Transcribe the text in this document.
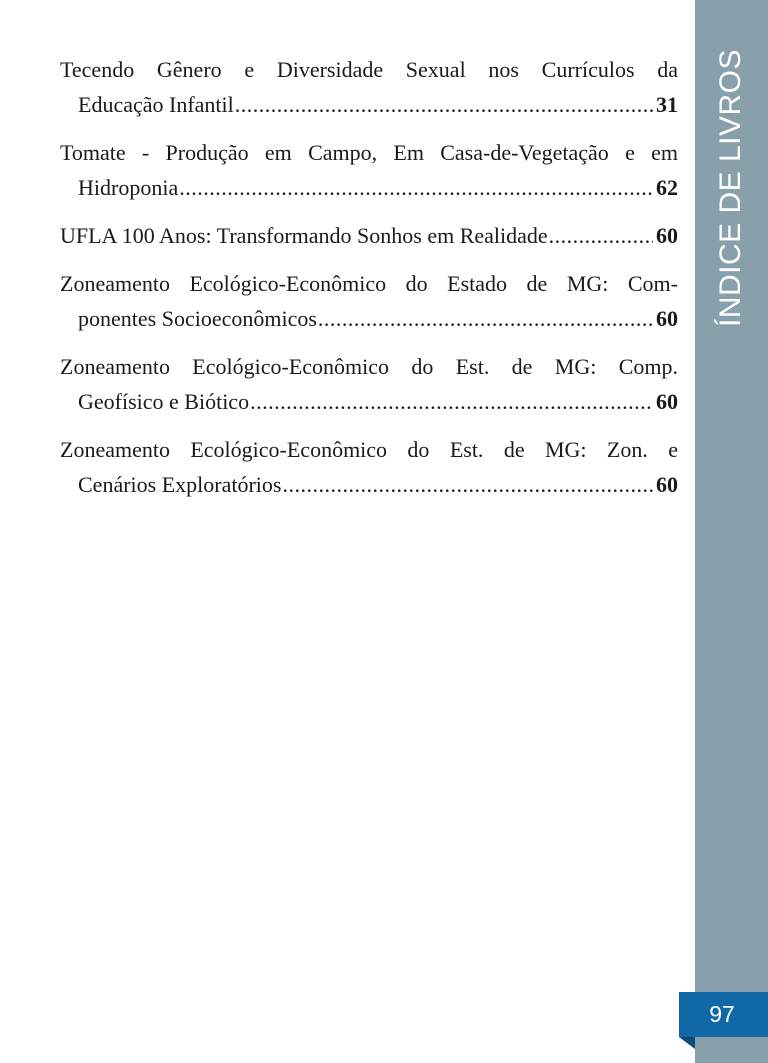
ÍNDICE DE LIVROS
Tecendo Gênero e Diversidade Sexual nos Currículos da
Educação Infantil .....	31
Tomate - Produção em Campo, Em Casa-de-Vegetação e em
Hidroponia .....	62
UFLA 100 Anos: Transformando Sonhos em Realidade .....	60
Zoneamento Ecológico-Econômico do Estado de MG: Com-
ponentes Socioeconômicos .....	60
Zoneamento Ecológico-Econômico do Est. de MG: Comp.
Geofísico e Biótico .....	60
Zoneamento Ecológico-Econômico do Est. de MG: Zon. e
Cenários Exploratórios .....	60
97
